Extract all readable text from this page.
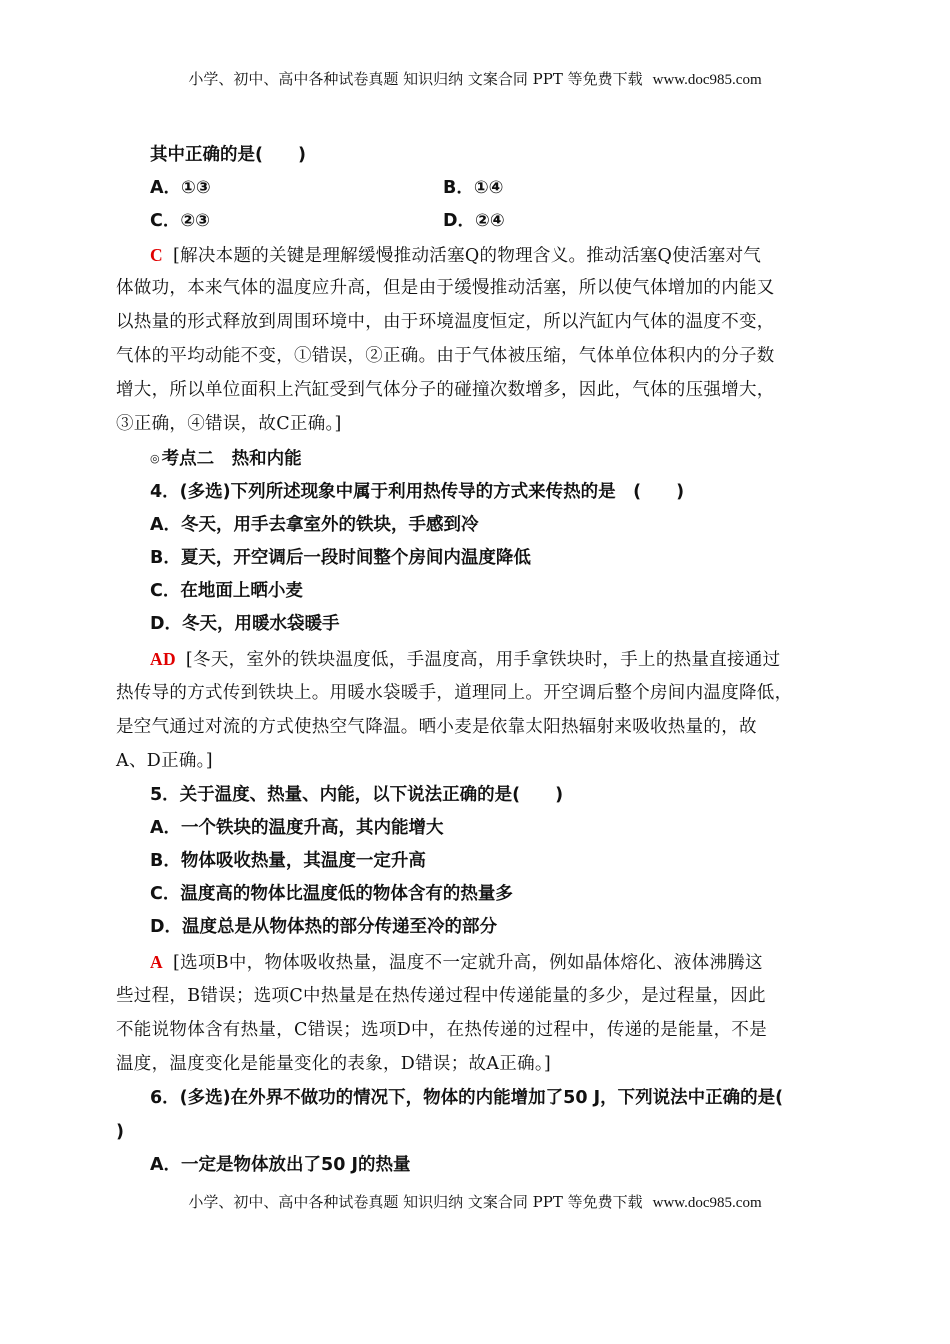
小学、初中、高中各种试卷真题 知识归纳 文案合同 PPT 等免费下载 www.doc985.com
其中正确的是(　　)
A．①③	B．①④
C．②③	D．②④
C [解决本题的关键是理解缓慢推动活塞Q的物理含义。推动活塞Q使活塞对气
体做功，本来气体的温度应升高，但是由于缓慢推动活塞，所以使气体增加的内能又
以热量的形式释放到周围环境中，由于环境温度恒定，所以汽缸内气体的温度不变，
气体的平均动能不变，①错误，②正确。由于气体被压缩，气体单位体积内的分子数
增大，所以单位面积上汽缸受到气体分子的碰撞次数增多，因此，气体的压强增大，
③正确，④错误，故C正确。]
◎ 考点二　热和内能
4．(多选)下列所述现象中属于利用热传导的方式来传热的是　(　　)
A．冬天，用手去拿室外的铁块，手感到冷
B．夏天，开空调后一段时间整个房间内温度降低
C．在地面上晒小麦
D．冬天，用暖水袋暖手
AD [冬天，室外的铁块温度低，手温度高，用手拿铁块时，手上的热量直接通过
热传导的方式传到铁块上。用暖水袋暖手，道理同上。开空调后整个房间内温度降低，
是空气通过对流的方式使热空气降温。晒小麦是依靠太阳热辐射来吸收热量的，故
A、D正确。]
5．关于温度、热量、内能，以下说法正确的是(　　)
A．一个铁块的温度升高，其内能增大
B．物体吸收热量，其温度一定升高
C．温度高的物体比温度低的物体含有的热量多
D．温度总是从物体热的部分传递至冷的部分
A [选项B中，物体吸收热量，温度不一定就升高，例如晶体熔化、液体沸腾这
些过程，B错误；选项C中热量是在热传递过程中传递能量的多少，是过程量，因此
不能说物体含有热量，C错误；选项D中，在热传递的过程中，传递的是能量，不是
温度，温度变化是能量变化的表象，D错误；故A正确。]
6．(多选)在外界不做功的情况下，物体的内能增加了50 J，下列说法中正确的是(
)
A．一定是物体放出了50 J的热量
小学、初中、高中各种试卷真题 知识归纳 文案合同 PPT 等免费下载 www.doc985.com
